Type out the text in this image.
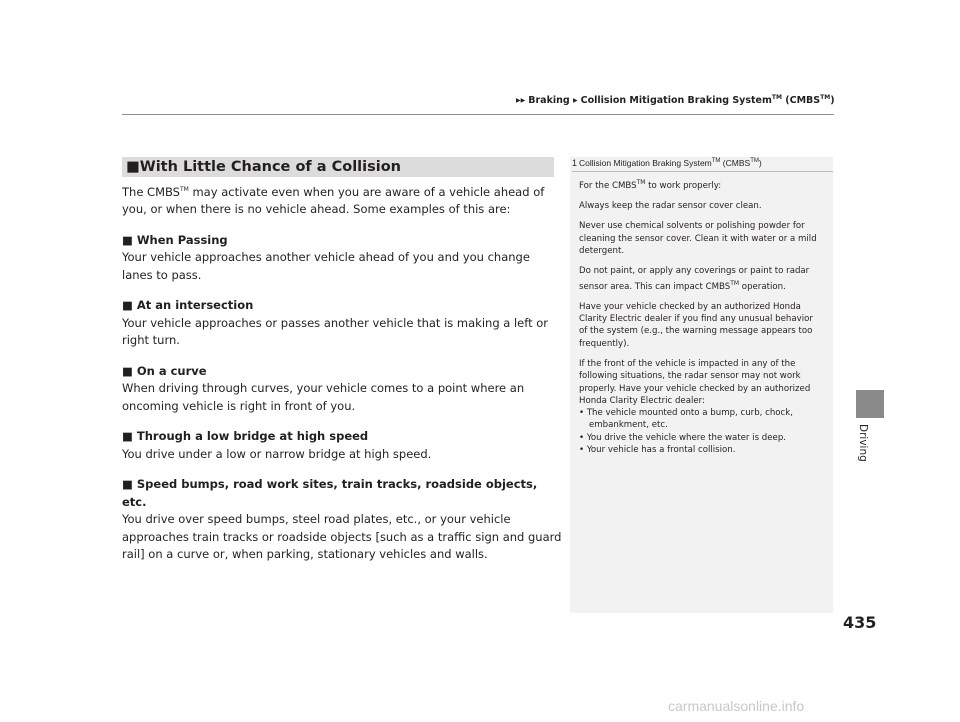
▶▶ Braking ▶ Collision Mitigation Braking System™ (CMBS™)
Driving
■With Little Chance of a Collision

The CMBS™ may activate even when you are aware of a vehicle ahead of you, or when there is no vehicle ahead. Some examples of this are:

■ When Passing

Your vehicle approaches another vehicle ahead of you and you change lanes to pass.

■ At an intersection

Your vehicle approaches or passes another vehicle that is making a left or right turn.

■ On a curve

When driving through curves, your vehicle comes to a point where an oncoming vehicle is right in front of you.

■ Through a low bridge at high speed

You drive under a low or narrow bridge at high speed.

■ Speed bumps, road work sites, train tracks, roadside objects, etc.

You drive over speed bumps, steel road plates, etc., or your vehicle approaches train tracks or roadside objects [such as a traffic sign and guard rail] on a curve or, when parking, stationary vehicles and walls.

1 Collision Mitigation Braking System™ (CMBS™)

For the CMBS™ to work properly:

Always keep the radar sensor cover clean.

Never use chemical solvents or polishing powder for cleaning the sensor cover. Clean it with water or a mild detergent.

Do not paint, or apply any coverings or paint to radar sensor area. This can impact CMBS™ operation.

Have your vehicle checked by an authorized Honda Clarity Electric dealer if you find any unusual behavior of the system (e.g., the warning message appears too frequently).

If the front of the vehicle is impacted in any of the following situations, the radar sensor may not work properly. Have your vehicle checked by an authorized Honda Clarity Electric dealer:

• The vehicle mounted onto a bump, curb, chock, embankment, etc.
• You drive the vehicle where the water is deep.
• Your vehicle has a frontal collision.
435
carmanualsonline.info
